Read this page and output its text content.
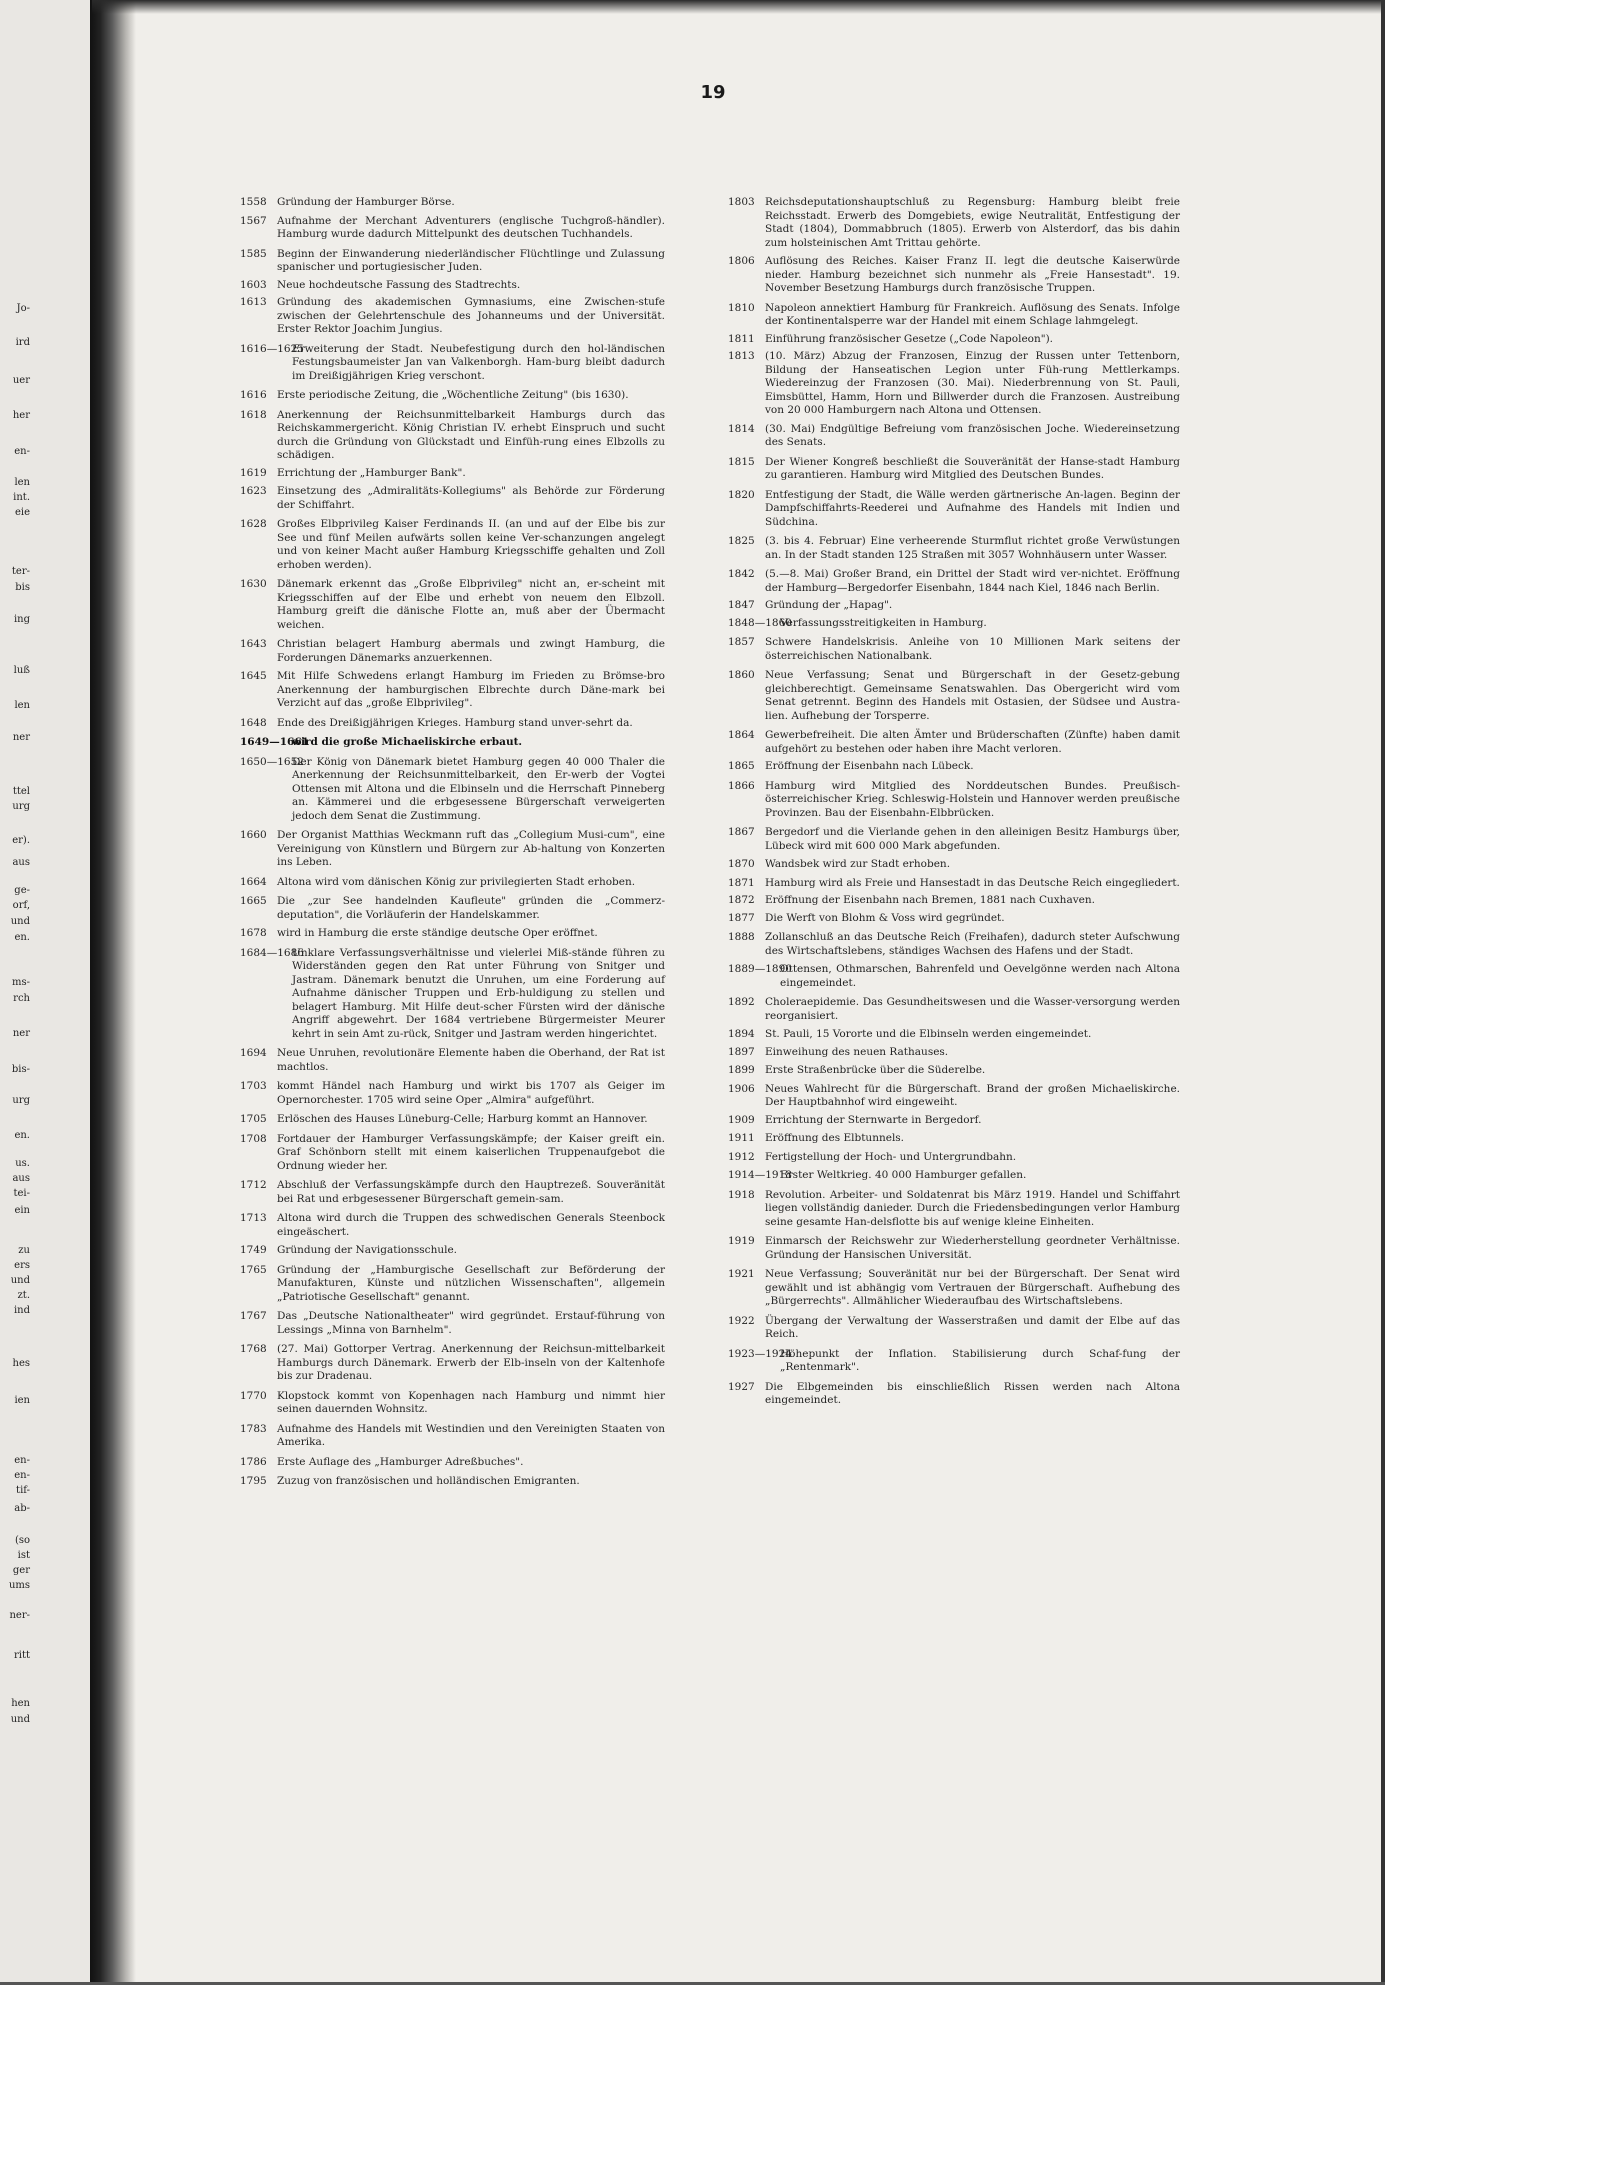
Jo-
ird
uer
her
en-
len
int.
eie
ter-
bis
ing
luß
len
ner
ttel
urg
er).
aus
ge-
orf,
und
en.
ms-
rch
ner
bis-
urg
en.
us.
aus
tei-
ein
zu
ers
und
zt.
ind
hes
ien
en-
en-
tif-
ab-
(so
ist
ger
ums
ner-
ritt
hen
und
19
1558 Gründung der Hamburger Börse.
1567 Aufnahme der Merchant Adventurers (englische Tuchgroß-händler). Hamburg wurde dadurch Mittelpunkt des deutschen Tuchhandels.
1585 Beginn der Einwanderung niederländischer Flüchtlinge und Zulassung spanischer und portugiesischer Juden.
1603 Neue hochdeutsche Fassung des Stadtrechts.
1613 Gründung des akademischen Gymnasiums, eine Zwischen-stufe zwischen der Gelehrtenschule des Johanneums und der Universität. Erster Rektor Joachim Jungius.
1616—1625
Erweiterung der Stadt. Neubefestigung durch den hol-ländischen Festungsbaumeister Jan van Valkenborgh. Ham-burg bleibt dadurch im Dreißigjährigen Krieg verschont.
1616 Erste periodische Zeitung, die „Wöchentliche Zeitung" (bis 1630).
1618 Anerkennung der Reichsunmittelbarkeit Hamburgs durch das Reichskammergericht. König Christian IV. erhebt Einspruch und sucht durch die Gründung von Glückstadt und Einfüh-rung eines Elbzolls zu schädigen.
1619 Errichtung der „Hamburger Bank".
1623 Einsetzung des „Admiralitäts-Kollegiums" als Behörde zur Förderung der Schiffahrt.
1628 Großes Elbprivileg Kaiser Ferdinands II. (an und auf der Elbe bis zur See und fünf Meilen aufwärts sollen keine Ver-schanzungen angelegt und von keiner Macht außer Hamburg Kriegsschiffe gehalten und Zoll erhoben werden).
1630 Dänemark erkennt das „Große Elbprivileg" nicht an, er-scheint mit Kriegsschiffen auf der Elbe und erhebt von neuem den Elbzoll. Hamburg greift die dänische Flotte an, muß aber der Übermacht weichen.
1643 Christian belagert Hamburg abermals und zwingt Hamburg, die Forderungen Dänemarks anzuerkennen.
1645 Mit Hilfe Schwedens erlangt Hamburg im Frieden zu Brömse-bro Anerkennung der hamburgischen Elbrechte durch Däne-mark bei Verzicht auf das „große Elbprivileg".
1648 Ende des Dreißigjährigen Krieges. Hamburg stand unver-sehrt da.
1649—1661
wird die große Michaeliskirche erbaut.
1650—1652
Der König von Dänemark bietet Hamburg gegen 40 000 Thaler die Anerkennung der Reichsunmittelbarkeit, den Er-werb der Vogtei Ottensen mit Altona und die Elbinseln und die Herrschaft Pinneberg an. Kämmerei und die erbgesessene Bürgerschaft verweigerten jedoch dem Senat die Zustimmung.
1660 Der Organist Matthias Weckmann ruft das „Collegium Musi-cum", eine Vereinigung von Künstlern und Bürgern zur Ab-haltung von Konzerten ins Leben.
1664 Altona wird vom dänischen König zur privilegierten Stadt erhoben.
1665 Die „zur See handelnden Kaufleute" gründen die „Commerz-deputation", die Vorläuferin der Handelskammer.
1678 wird in Hamburg die erste ständige deutsche Oper eröffnet.
1684—1686
Unklare Verfassungsverhältnisse und vielerlei Miß-stände führen zu Widerständen gegen den Rat unter Führung von Snitger und Jastram. Dänemark benutzt die Unruhen, um eine Forderung auf Aufnahme dänischer Truppen und Erb-huldigung zu stellen und belagert Hamburg. Mit Hilfe deut-scher Fürsten wird der dänische Angriff abgewehrt. Der 1684 vertriebene Bürgermeister Meurer kehrt in sein Amt zu-rück, Snitger und Jastram werden hingerichtet.
1694 Neue Unruhen, revolutionäre Elemente haben die Oberhand, der Rat ist machtlos.
1703 kommt Händel nach Hamburg und wirkt bis 1707 als Geiger im Opernorchester. 1705 wird seine Oper „Almira" aufgeführt.
1705 Erlöschen des Hauses Lüneburg-Celle; Harburg kommt an Hannover.
1708 Fortdauer der Hamburger Verfassungskämpfe; der Kaiser greift ein. Graf Schönborn stellt mit einem kaiserlichen Truppenaufgebot die Ordnung wieder her.
1712 Abschluß der Verfassungskämpfe durch den Hauptrezeß. Souveränität bei Rat und erbgesessener Bürgerschaft gemein-sam.
1713 Altona wird durch die Truppen des schwedischen Generals Steenbock eingeäschert.
1749 Gründung der Navigationsschule.
1765 Gründung der „Hamburgische Gesellschaft zur Beförderung der Manufakturen, Künste und nützlichen Wissenschaften", allgemein „Patriotische Gesellschaft" genannt.
1767 Das „Deutsche Nationaltheater" wird gegründet. Erstauf-führung von Lessings „Minna von Barnhelm".
1768 (27. Mai) Gottorper Vertrag. Anerkennung der Reichsun-mittelbarkeit Hamburgs durch Dänemark. Erwerb der Elb-inseln von der Kaltenhofe bis zur Dradenau.
1770 Klopstock kommt von Kopenhagen nach Hamburg und nimmt hier seinen dauernden Wohnsitz.
1783 Aufnahme des Handels mit Westindien und den Vereinigten Staaten von Amerika.
1786 Erste Auflage des „Hamburger Adreßbuches".
1795 Zuzug von französischen und holländischen Emigranten.
1803 Reichsdeputationshauptschluß zu Regensburg: Hamburg bleibt freie Reichsstadt. Erwerb des Domgebiets, ewige Neutralität, Entfestigung der Stadt (1804), Dommabbruch (1805). Erwerb von Alsterdorf, das bis dahin zum holsteinischen Amt Trittau gehörte.
1806 Auflösung des Reiches. Kaiser Franz II. legt die deutsche Kaiserwürde nieder. Hamburg bezeichnet sich nunmehr als „Freie Hansestadt". 19. November Besetzung Hamburgs durch französische Truppen.
1810 Napoleon annektiert Hamburg für Frankreich. Auflösung des Senats. Infolge der Kontinentalsperre war der Handel mit einem Schlage lahmgelegt.
1811 Einführung französischer Gesetze („Code Napoleon").
1813 (10. März) Abzug der Franzosen, Einzug der Russen unter Tettenborn, Bildung der Hanseatischen Legion unter Füh-rung Mettlerkamps. Wiedereinzug der Franzosen (30. Mai). Niederbrennung von St. Pauli, Eimsbüttel, Hamm, Horn und Billwerder durch die Franzosen. Austreibung von 20 000 Hamburgern nach Altona und Ottensen.
1814 (30. Mai) Endgültige Befreiung vom französischen Joche. Wiedereinsetzung des Senats.
1815 Der Wiener Kongreß beschließt die Souveränität der Hanse-stadt Hamburg zu garantieren. Hamburg wird Mitglied des Deutschen Bundes.
1820 Entfestigung der Stadt, die Wälle werden gärtnerische An-lagen. Beginn der Dampfschiffahrts-Reederei und Aufnahme des Handels mit Indien und Südchina.
1825 (3. bis 4. Februar) Eine verheerende Sturmflut richtet große Verwüstungen an. In der Stadt standen 125 Straßen mit 3057 Wohnhäusern unter Wasser.
1842 (5.—8. Mai) Großer Brand, ein Drittel der Stadt wird ver-nichtet. Eröffnung der Hamburg—Bergedorfer Eisenbahn, 1844 nach Kiel, 1846 nach Berlin.
1847 Gründung der „Hapag".
1848—1860
Verfassungsstreitigkeiten in Hamburg.
1857 Schwere Handelskrisis. Anleihe von 10 Millionen Mark seitens der österreichischen Nationalbank.
1860 Neue Verfassung; Senat und Bürgerschaft in der Gesetz-gebung gleichberechtigt. Gemeinsame Senatswahlen. Das Obergericht wird vom Senat getrennt. Beginn des Handels mit Ostasien, der Südsee und Austra-lien. Aufhebung der Torsperre.
1864 Gewerbefreiheit. Die alten Ämter und Brüderschaften (Zünfte) haben damit aufgehört zu bestehen oder haben ihre Macht verloren.
1865 Eröffnung der Eisenbahn nach Lübeck.
1866 Hamburg wird Mitglied des Norddeutschen Bundes. Preußisch-österreichischer Krieg. Schleswig-Holstein und Hannover werden preußische Provinzen. Bau der Eisenbahn-Elbbrücken.
1867 Bergedorf und die Vierlande gehen in den alleinigen Besitz Hamburgs über, Lübeck wird mit 600 000 Mark abgefunden.
1870 Wandsbek wird zur Stadt erhoben.
1871 Hamburg wird als Freie und Hansestadt in das Deutsche Reich eingegliedert.
1872 Eröffnung der Eisenbahn nach Bremen, 1881 nach Cuxhaven.
1877 Die Werft von Blohm & Voss wird gegründet.
1888 Zollanschluß an das Deutsche Reich (Freihafen), dadurch steter Aufschwung des Wirtschaftslebens, ständiges Wachsen des Hafens und der Stadt.
1889—1890
Ottensen, Othmarschen, Bahrenfeld und Oevelgönne werden nach Altona eingemeindet.
1892 Choleraepidemie. Das Gesundheitswesen und die Wasser-versorgung werden reorganisiert.
1894 St. Pauli, 15 Vororte und die Elbinseln werden eingemeindet.
1897 Einweihung des neuen Rathauses.
1899 Erste Straßenbrücke über die Süderelbe.
1906 Neues Wahlrecht für die Bürgerschaft. Brand der großen Michaeliskirche. Der Hauptbahnhof wird eingeweiht.
1909 Errichtung der Sternwarte in Bergedorf.
1911 Eröffnung des Elbtunnels.
1912 Fertigstellung der Hoch- und Untergrundbahn.
1914—1918
Erster Weltkrieg. 40 000 Hamburger gefallen.
1918 Revolution. Arbeiter- und Soldatenrat bis März 1919. Handel und Schiffahrt liegen vollständig danieder. Durch die Friedensbedingungen verlor Hamburg seine gesamte Han-delsflotte bis auf wenige kleine Einheiten.
1919 Einmarsch der Reichswehr zur Wiederherstellung geordneter Verhältnisse. Gründung der Hansischen Universität.
1921 Neue Verfassung; Souveränität nur bei der Bürgerschaft. Der Senat wird gewählt und ist abhängig vom Vertrauen der Bürgerschaft. Aufhebung des „Bürgerrechts". Allmählicher Wiederaufbau des Wirtschaftslebens.
1922 Übergang der Verwaltung der Wasserstraßen und damit der Elbe auf das Reich.
1923—1924
Höhepunkt der Inflation. Stabilisierung durch Schaf-fung der „Rentenmark".
1927 Die Elbgemeinden bis einschließlich Rissen werden nach Altona eingemeindet.
